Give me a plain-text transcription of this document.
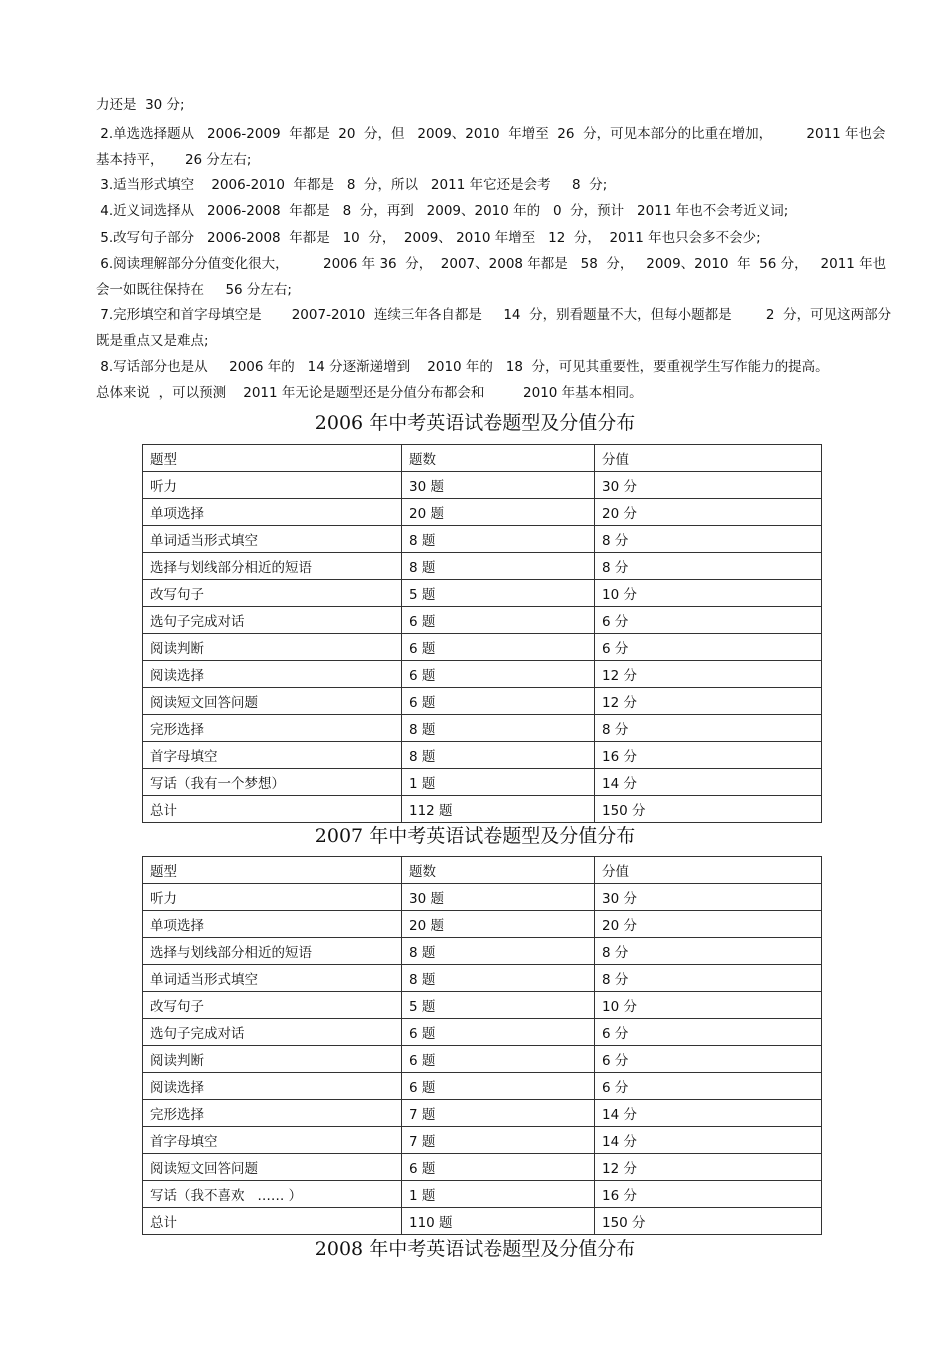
力还是  30 分;

2.单选选择题从   2006-2009  年都是  20  分，但   2009、2010  年增至  26  分，可见本部分的比重在增加，        2011 年也会基本持平，     26 分左右;

3.适当形式填空    2006-2010  年都是   8  分，所以   2011 年它还是会考     8  分;

4.近义词选择从   2006-2008  年都是   8  分，再到   2009、2010 年的   0  分，预计   2011 年也不会考近义词;

5.改写句子部分   2006-2008  年都是   10  分，  2009、 2010 年增至   12  分，  2011 年也只会多不会少;

6.阅读理解部分分值变化很大，        2006 年 36  分，  2007、2008 年都是   58  分，   2009、2010  年  56 分，   2011 年也会一如既往保持在     56 分左右;

7.完形填空和首字母填空是       2007-2010  连续三年各自都是     14  分，别看题量不大，但每小题都是        2  分，可见这两部分既是重点又是难点;

8.写话部分也是从     2006 年的   14 分逐渐递增到    2010 年的   18  分，可见其重要性，要重视学生写作能力的提高。

总体来说  ，可以预测    2011 年无论是题型还是分值分布都会和         2010 年基本相同。

2006 年中考英语试卷题型及分值分布
题型	题数	分值
听力	30 题	30 分
单项选择	20 题	20 分
单词适当形式填空	8 题	8 分
选择与划线部分相近的短语	8 题	8 分
改写句子	5 题	10 分
选句子完成对话	6 题	6 分
阅读判断	6 题	6 分
阅读选择	6 题	12 分
阅读短文回答问题	6 题	12 分
完形选择	8 题	8 分
首字母填空	8 题	16 分
写话（我有一个梦想）	1 题	14 分
总计	112 题	150 分
2007 年中考英语试卷题型及分值分布
题型	题数	分值
听力	30 题	30 分
单项选择	20 题	20 分
选择与划线部分相近的短语	8 题	8 分
单词适当形式填空	8 题	8 分
改写句子	5 题	10 分
选句子完成对话	6 题	6 分
阅读判断	6 题	6 分
阅读选择	6 题	6 分
完形选择	7 题	14 分
首字母填空	7 题	14 分
阅读短文回答问题	6 题	12 分
写话（我不喜欢   …… ）	1 题	16 分
总计	110 题	150 分
2008 年中考英语试卷题型及分值分布
